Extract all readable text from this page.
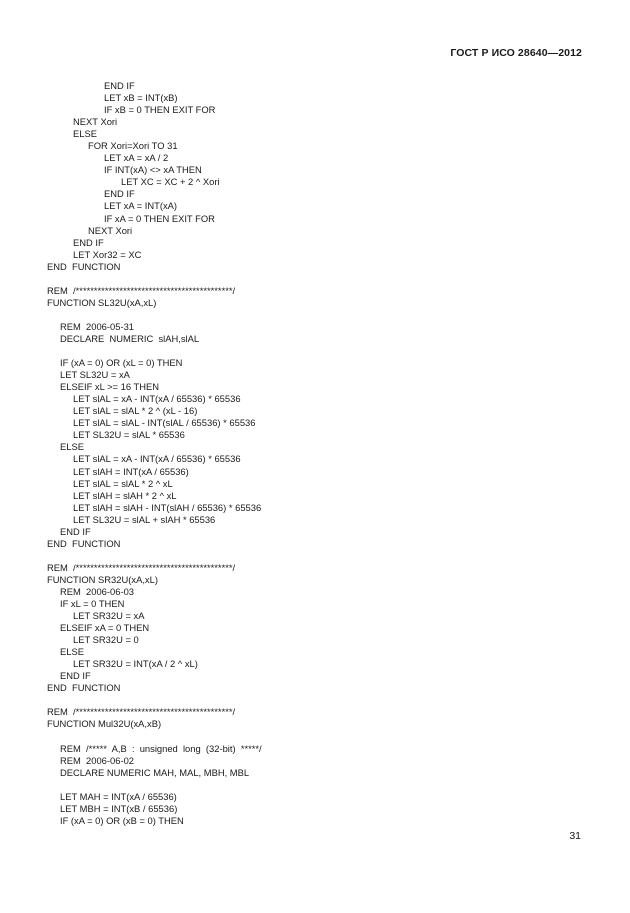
ГОСТ Р ИСО 28640—2012
END IF
LET xB = INT(xB)
IF xB = 0 THEN EXIT FOR
NEXT Xori
ELSE
FOR Xori=Xori TO 31
LET xA = xA / 2
IF INT(xA) <> xA THEN
LET XC = XC + 2 ^ Xori
END IF
LET xA = INT(xA)
IF xA = 0 THEN EXIT FOR
NEXT Xori
END IF
LET Xor32 = XC
END  FUNCTION
REM  /*******************************************/
FUNCTION SL32U(xA,xL)
REM  2006-05-31
DECLARE  NUMERIC  slAH,slAL
IF (xA = 0) OR (xL = 0) THEN
LET SL32U = xA
ELSEIF xL >= 16 THEN
LET slAL = xA - INT(xA / 65536) * 65536
LET slAL = slAL * 2 ^ (xL - 16)
LET slAL = slAL - INT(slAL / 65536) * 65536
LET SL32U = slAL * 65536
ELSE
LET slAL = xA - INT(xA / 65536) * 65536
LET slAH = INT(xA / 65536)
LET slAL = slAL * 2 ^ xL
LET slAH = slAH * 2 ^ xL
LET slAH = slAH - INT(slAH / 65536) * 65536
LET SL32U = slAL + slAH * 65536
END IF
END  FUNCTION
REM  /*******************************************/
FUNCTION SR32U(xA,xL)
REM  2006-06-03
IF xL = 0 THEN
LET SR32U = xA
ELSEIF xA = 0 THEN
LET SR32U = 0
ELSE
LET SR32U = INT(xA / 2 ^ xL)
END IF
END  FUNCTION
REM  /*******************************************/
FUNCTION Mul32U(xA,xB)
REM  /*****  A,B  :  unsigned  long  (32-bit)  *****/
REM  2006-06-02
DECLARE NUMERIC MAH, MAL, MBH, MBL
LET MAH = INT(xA / 65536)
LET MBH = INT(xB / 65536)
IF (xA = 0) OR (xB = 0) THEN
31
